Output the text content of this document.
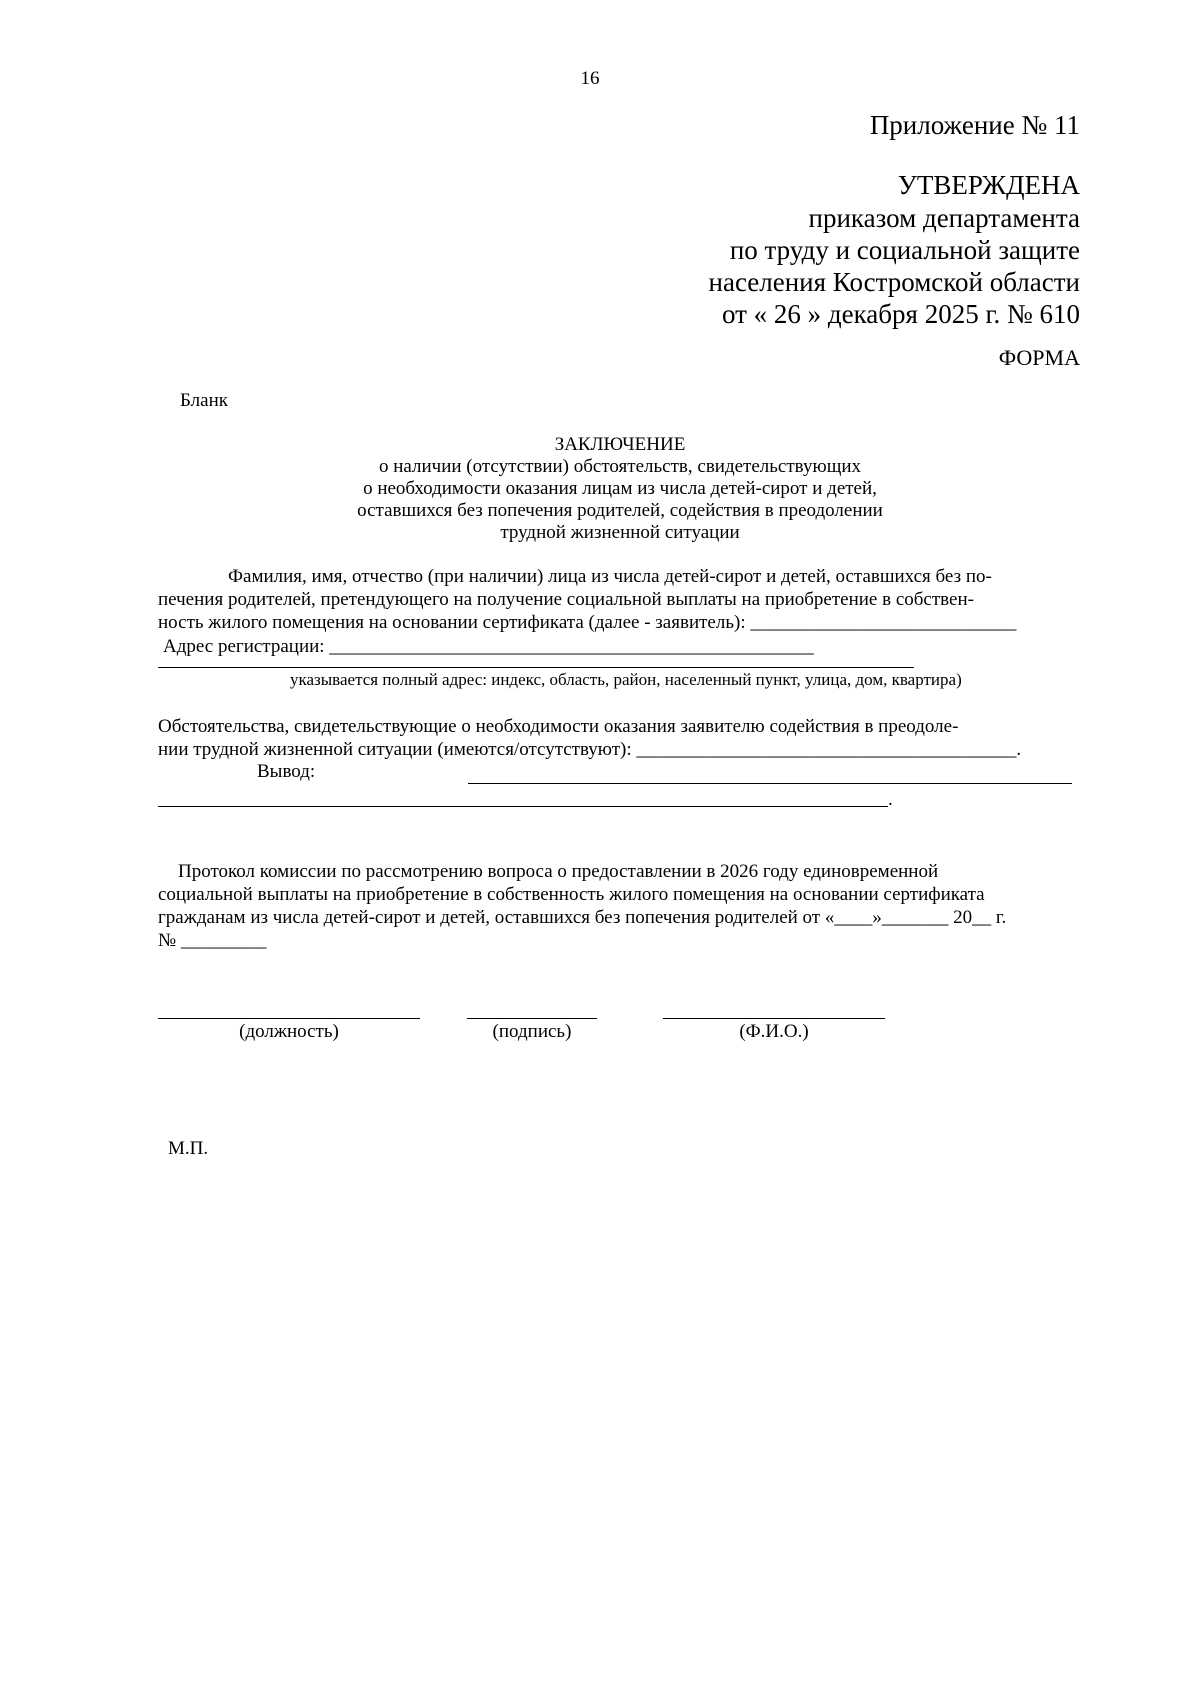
16
Приложение № 11
УТВЕРЖДЕНА
приказом департамента
по труду и социальной защите
населения Костромской области
от « 26 » декабря 2025 г. № 610
ФОРМА
Бланк
ЗАКЛЮЧЕНИЕ
о наличии (отсутствии) обстоятельств, свидетельствующих
о необходимости оказания лицам из числа детей-сирот и детей,
оставшихся без попечения родителей, содействия в преодолении
трудной жизненной ситуации
Фамилия, имя, отчество (при наличии) лица из числа детей-сирот и детей, оставшихся без по-
печения родителей, претендующего на получение социальной выплаты на приобретение в собствен-
ность жилого помещения на основании сертификата (далее - заявитель): ____________________________
Адрес регистрации: ___________________________________________________
указывается полный адрес: индекс, область, район, населенный пункт, улица, дом, квартира)
Обстоятельства, свидетельствующие о необходимости оказания заявителю содействия в преодоле-
нии трудной жизненной ситуации (имеются/отсутствуют): ________________________________________.
Вывод:
.
Протокол комиссии по рассмотрению вопроса о предоставлении в 2026 году единовременной
социальной выплаты на приобретение в собственность жилого помещения на основании сертификата
гражданам из числа детей-сирот и детей, оставшихся без попечения родителей от «____»_______ 20__ г.
№ _________
(должность)	(подпись)	(Ф.И.О.)
М.П.
